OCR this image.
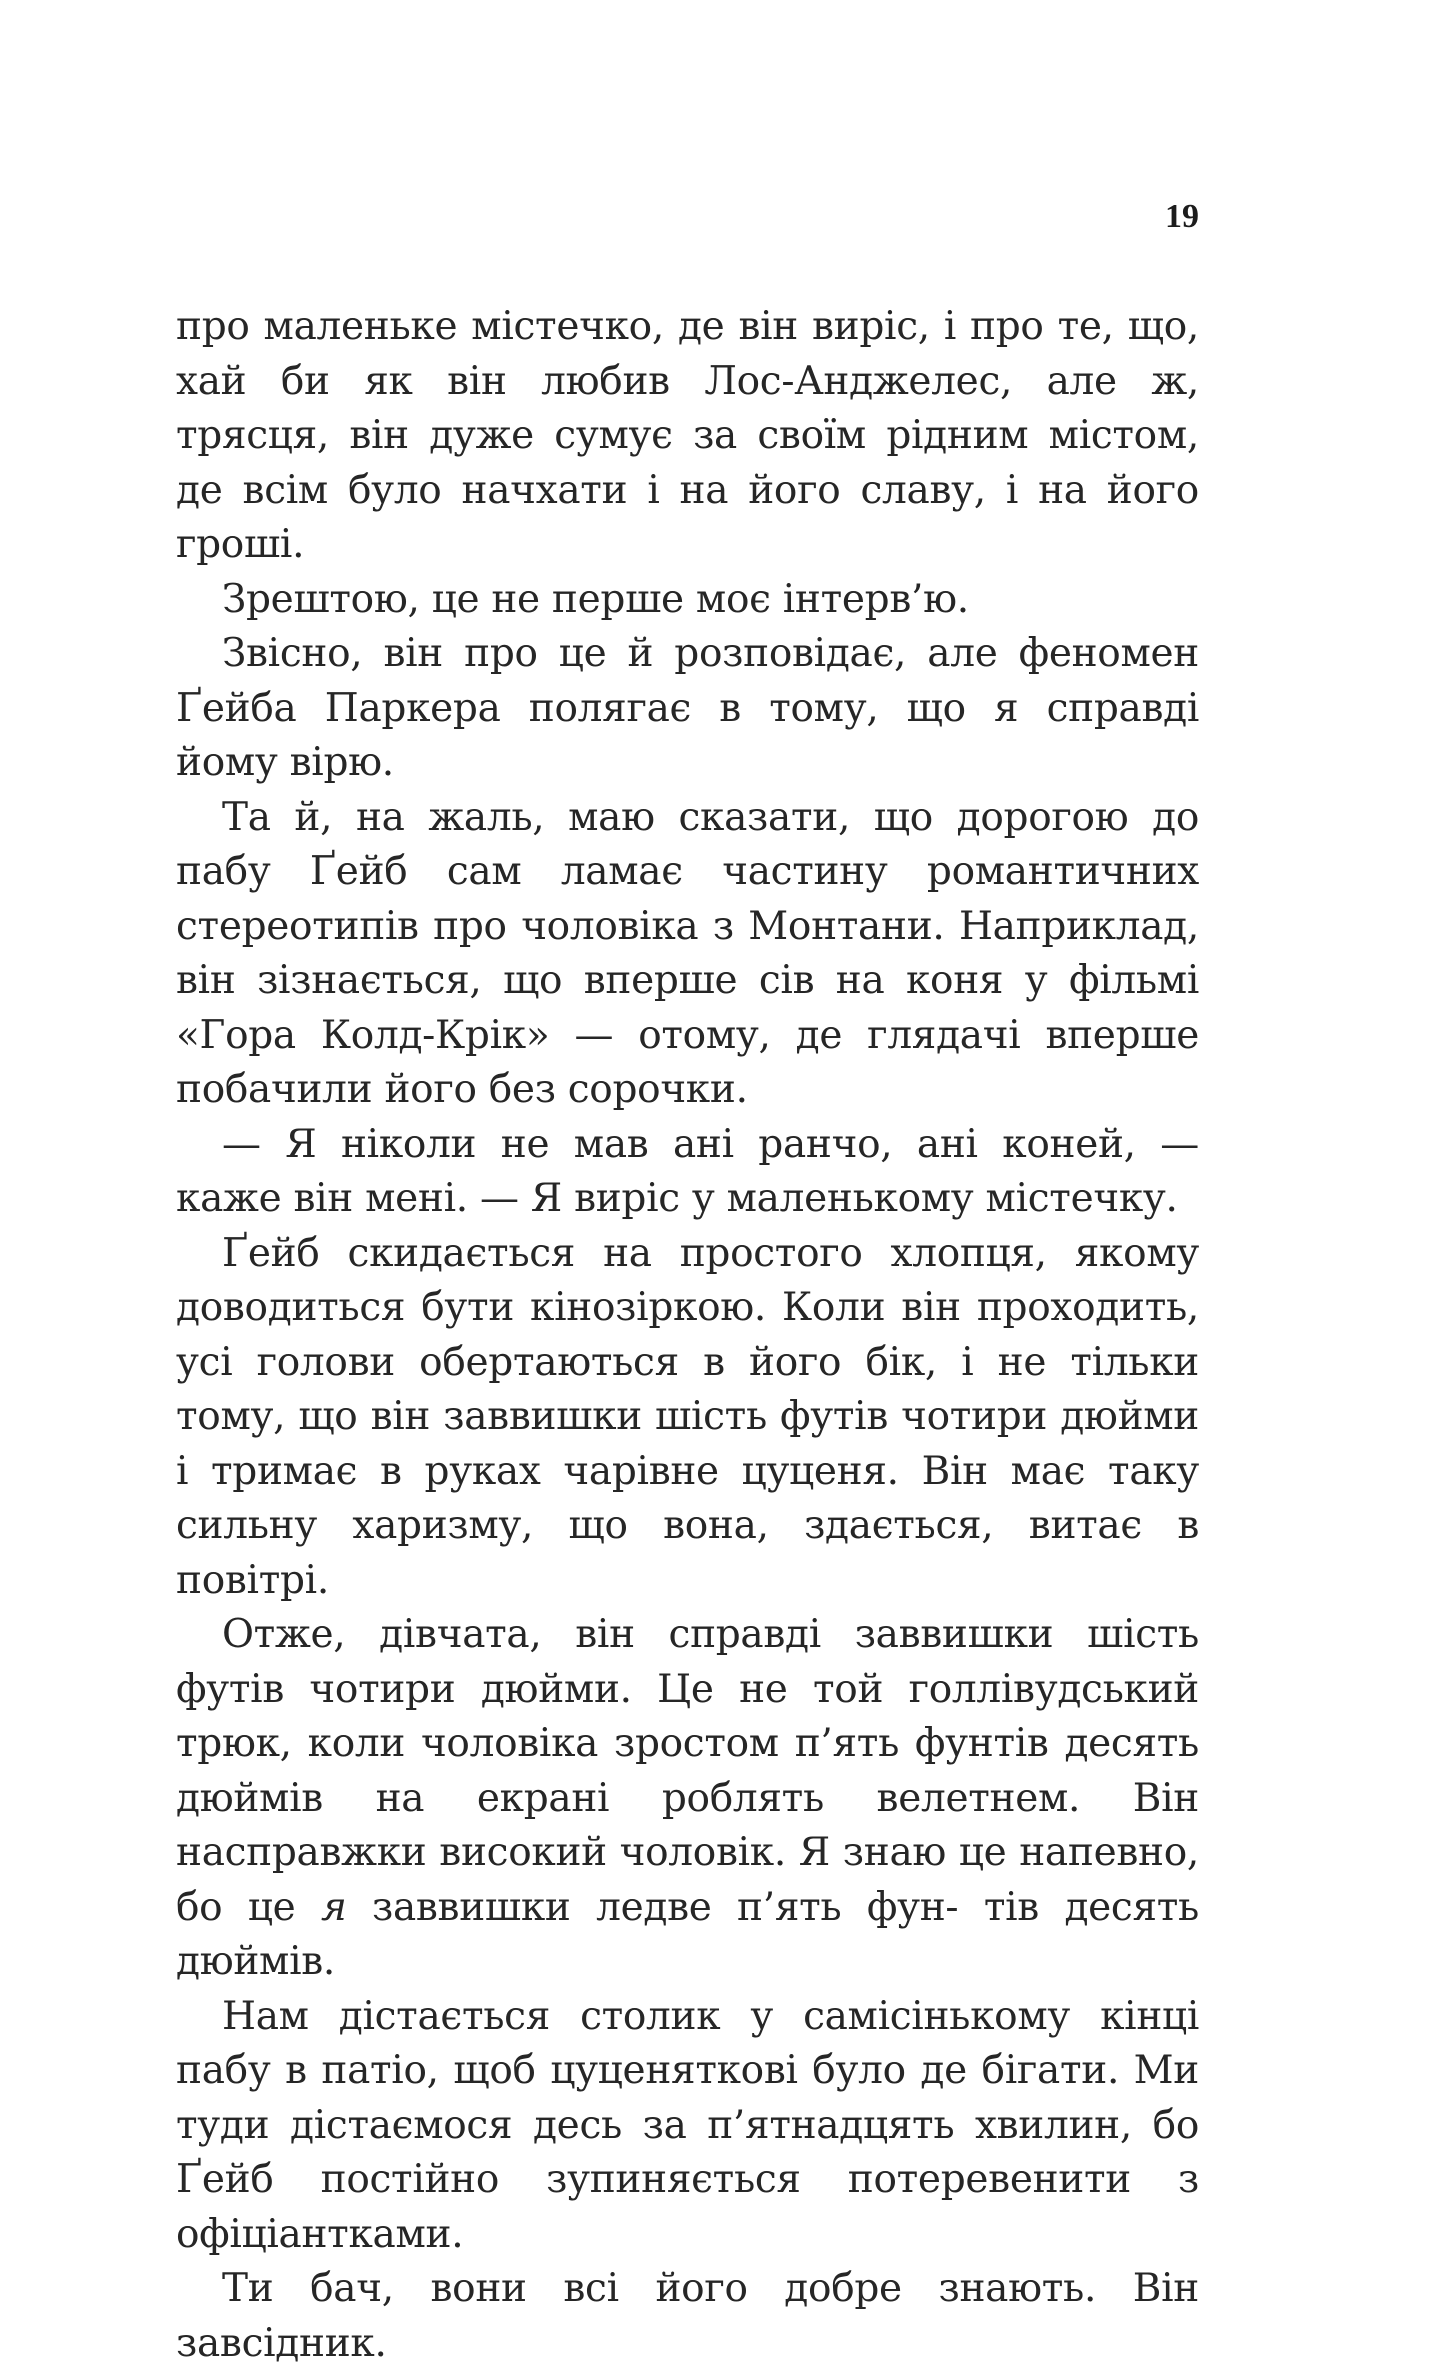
19

про маленьке містечко, де він виріс, і про те, що, хай би як він любив Лос-Анджелес, але ж, трясця, він дуже сумує за своїм рідним містом, де всім було начхати і на його славу, і на його гроші.

Зрештою, це не перше моє інтерв’ю.

Звісно, він про це й розповідає, але феномен Ґейба Паркера полягає в тому, що я справді йому вірю.

Та й, на жаль, маю сказати, що дорогою до пабу Ґейб сам ламає частину романтичних стереотипів про чоловіка з Монтани. Наприклад, він зізнається, що вперше сів на коня у фільмі «Гора Колд-Крік» — отому, де глядачі вперше побачили його без сорочки.

— Я ніколи не мав ані ранчо, ані коней, — каже він мені. — Я виріс у маленькому містечку.

Ґейб скидається на простого хлопця, якому доводиться бути кінозіркою. Коли він проходить, усі голови обертаються в його бік, і не тільки тому, що він заввишки шість футів чотири дюйми і тримає в руках чарівне цуценя. Він має таку сильну харизму, що вона, здається, витає в повітрі.

Отже, дівчата, він справді заввишки шість футів чотири дюйми. Це не той голлівудський трюк, коли чоловіка зростом п’ять фунтів десять дюймів на екрані роблять велетнем. Він насправжки високий чоловік. Я знаю це напевно, бо це я заввишки ледве п’ять фун- тів десять дюймів.

Нам дістається столик у самісінькому кінці пабу в патіо, щоб цуценяткові було де бігати. Ми туди дістаємося десь за п’ятнадцять хвилин, бо Ґейб постійно зупиняється потеревенити з офіціантками.

Ти бач, вони всі його добре знають. Він завсідник.
